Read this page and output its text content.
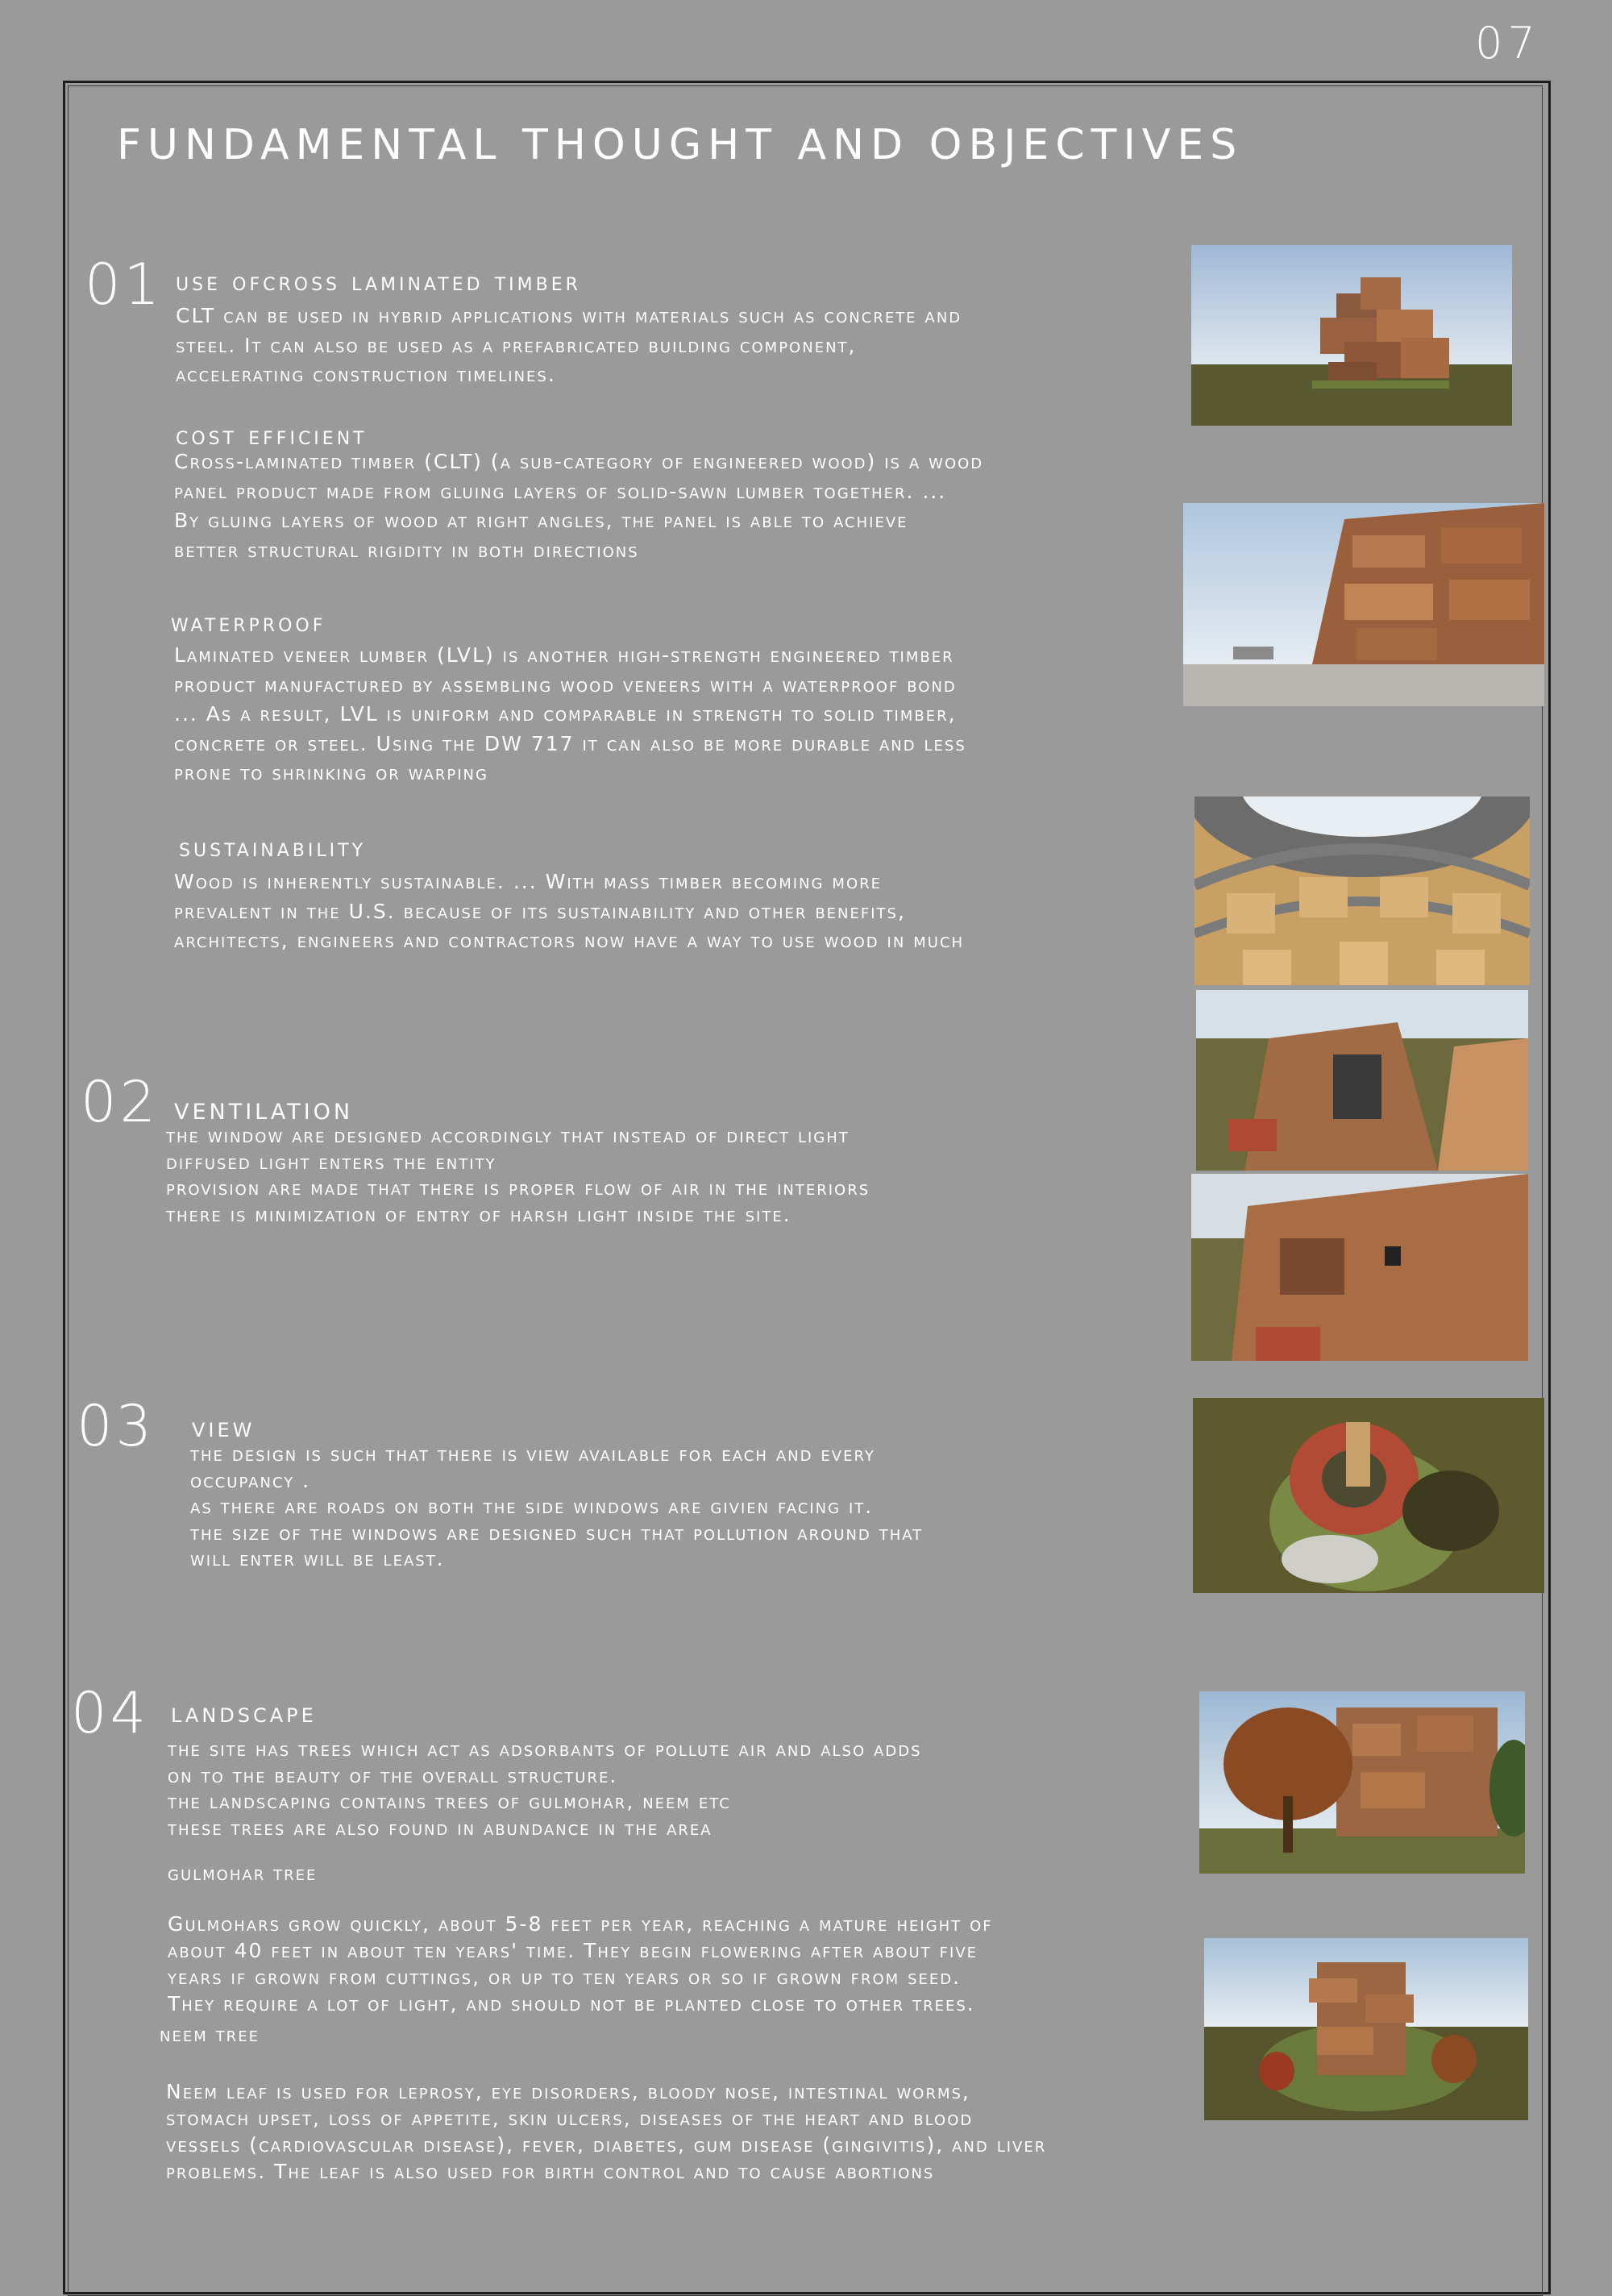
07
FUNDAMENTAL THOUGHT AND OBJECTIVES
01 use ofcross laminated timber
CLT can be used in hybrid applications with materials such as concrete and
steel. It can also be used as a prefabricated building component,
accelerating construction timelines.
cost efficient
Cross-laminated timber (CLT) (a sub-category of engineered wood) is a wood
panel product made from gluing layers of solid-sawn lumber together. ...
By gluing layers of wood at right angles, the panel is able to achieve
better structural rigidity in both directions
waterproof
Laminated veneer lumber (LVL) is another high-strength engineered timber
product manufactured by assembling wood veneers with a waterproof bond
... As a result, LVL is uniform and comparable in strength to solid timber,
concrete or steel. Using the DW 717 it can also be more durable and less
prone to shrinking or warping
sustainability
Wood is inherently sustainable. ... With mass timber becoming more
prevalent in the U.S. because of its sustainability and other benefits,
architects, engineers and contractors now have a way to use wood in much
02 ventilation
the window are designed accordingly that instead of direct light
diffused light enters the entity
provision are made that there is proper flow of air in the interiors
there is minimization of entry of harsh light inside the site.
03 view
the design is such that there is view available for each and every
occupancy .
as there are roads on both the side windows are givien facing it.
the size of the windows are designed such that pollution around that
will enter will be least.
04 landscape
the site has trees which act as adsorbants of pollute air and also adds
on to the beauty of the overall structure.
the landscaping contains trees of gulmohar, neem etc
these trees are also found in abundance in the area
gulmohar tree
Gulmohars grow quickly, about 5-8 feet per year, reaching a mature height of
about 40 feet in about ten years' time. They begin flowering after about five
years if grown from cuttings, or up to ten years or so if grown from seed.
They require a lot of light, and should not be planted close to other trees.
neem tree
Neem leaf is used for leprosy, eye disorders, bloody nose, intestinal worms,
stomach upset, loss of appetite, skin ulcers, diseases of the heart and blood
vessels (cardiovascular disease), fever, diabetes, gum disease (gingivitis), and liver
problems. The leaf is also used for birth control and to cause abortions
